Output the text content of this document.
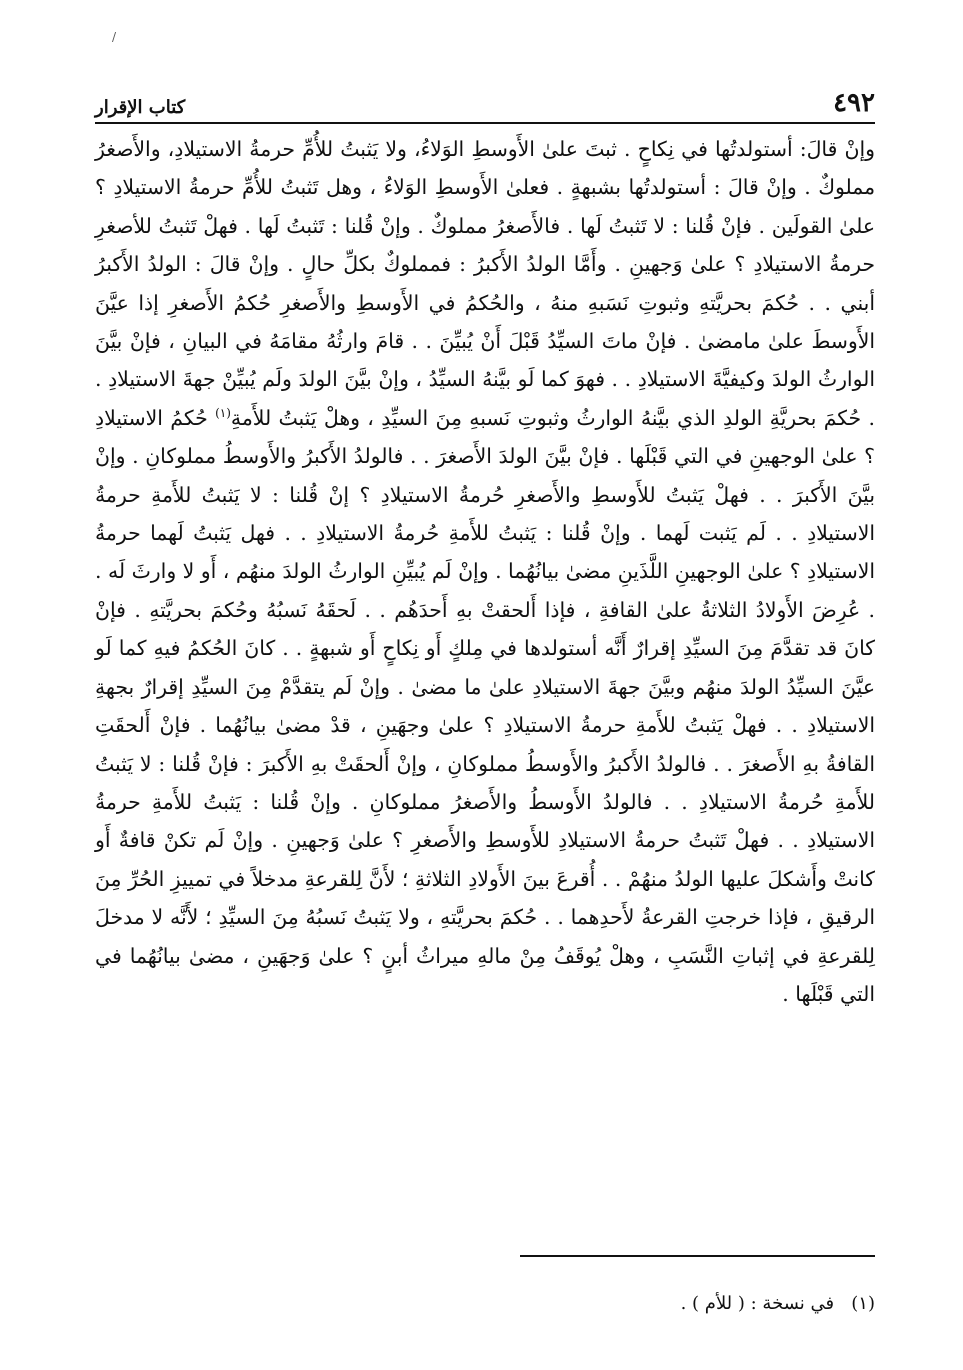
/
٤٩٢
كتاب الإقرار

وإنْ قالَ: أستولدتُها في نِكاحٍ . ثبتَ علىٰ الأَوسطِ الوَلاءُ، ولا يَثبتُ للأُمِّ حرمةُ الاستيلادِ، والأَصغرُ مملوكٌ . وإنْ قالَ : أستولدتُها بشبهةٍ . فعلىٰ الأَوسطِ الوَلاءُ ، وهل تَثبتُ للأُمِّ حرمةُ الاستيلادِ ؟ علىٰ القولَين . فإنْ قُلنا : لا تَثبتُ لَها . فالأَصغرُ مملوكٌ . وإنْ قُلنا : تَثبتُ لَها . فهلْ تَثبتُ للأصغرِ حرمةُ الاستيلادِ ؟ علىٰ وَجهينِ . وأَمَّا الولدُ الأَكبرُ : فمملوكٌ بكلِّ حالٍ . وإنْ قالَ : الولدُ الأَكبرُ أبني . . حُكمَ بحريَّتهِ وثبوتِ نَسَبهِ منهُ ، والحُكمُ في الأَوسطِ والأَصغرِ حُكمُ الأَصغرِ إذا عيَّنَ الأَوسطَ علىٰ مامضىٰ . فإنْ ماتَ السيِّدُ قَبْلَ أَنْ يُبيِّنَ . . قامَ وارثُهُ مقامَهُ في البيانِ ، فإنْ بيَّنَ الوارثُ الولدَ وكيفيَّةَ الاستيلادِ . . فهوَ كما لَو بيَّنهُ السيِّدُ ، وإنْ بيَّنَ الولدَ ولَم يُبيِّنْ جهةَ الاستيلادِ . . حُكمَ بحريَّةِ الولدِ الذي بيَّنهُ الوارثُ وثبوتِ نَسبهِ مِنَ السيِّدِ ، وهلْ يَثبتُ للأَمةِ$^{(١)}$ حُكمُ الاستيلادِ ؟ علىٰ الوجهينِ في التي قَبْلَها . فإنْ بيَّنَ الولدَ الأَصغرَ . . فالولدُ الأَكبرُ والأَوسطُ مملوكانِ . وإنْ بيَّنَ الأَكبرَ . . فهلْ يَثبتُ للأَوسطِ والأَصغرِ حُرمةُ الاستيلادِ ؟ إنْ قُلنا : لا يَثبتُ للأَمةِ حرمةُ الاستيلادِ . . لَم يَثبت لَهما . وإنْ قُلنا : يَثبتُ للأَمةِ حُرمةُ الاستيلادِ . . فهل يَثبتُ لَهما حرمةُ الاستيلادِ ؟ علىٰ الوجهينِ اللَّذَينِ مضىٰ بيانُهُما . وإنْ لَم يُبيِّنِ الوارثُ الولدَ منهُم ، أَو لا وارثَ لَه . . عُرِضَ الأَولادُ الثلاثةُ علىٰ القافةِ ، فإذا أَلحقتْ بهِ أَحدَهُم . . لَحقَهُ نَسبُهُ وحُكمَ بحريَّتهِ . فإنْ كانَ قد تقدَّمَ مِنَ السيِّدِ إقرارٌ أَنَّه أستولدها في مِلكٍ أَو نِكاحٍ أَو شبهةٍ . . كانَ الحُكمُ فيهِ كما لَو عيَّنَ السيِّدُ الولدَ منهُم وبيَّنَ جهةَ الاستيلادِ علىٰ ما مضىٰ . وإنْ لَم يتقدَّمْ مِنَ السيِّدِ إقرارٌ بجهةِ الاستيلادِ . . فهلْ يَثبتُ للأَمةِ حرمةُ الاستيلادِ ؟ علىٰ وجهَينِ ، قدْ مضىٰ بيانُهُما . فإنْ أَلحقَتِ القافةُ بهِ الأَصغرَ . . فالولدُ الأَكبرُ والأَوسطُ مملوكانِ ، وإنْ أَلحقَتْ بهِ الأَكبرَ : فإنْ قُلنا : لا يَثبتُ للأَمةِ حُرمةُ الاستيلادِ . . فالولدُ الأَوسطُ والأَصغرُ مملوكانِ . وإنْ قُلنا : يَثبتُ للأَمةِ حرمةُ الاستيلادِ . . فهلْ تَثبتُ حرمةُ الاستيلادِ للأَوسطِ والأَصغرِ ؟ علىٰ وَجهينِ . وإنْ لَم تكنْ قافةٌ أَو كانتْ وأَشكلَ عليها الولدُ منهُمْ . . أُقرعَ بينَ الأَولادِ الثلاثةِ ؛ لأَنَّ لِلقرعةِ مدخلاً في تمييزِ الحُرِّ مِنَ الرقيقِ ، فإذا خرجتِ القرعةُ لأَحدِهما . . حُكمَ بحريَّتهِ ، ولا يَثبتُ نَسبُهُ مِنَ السيِّدِ ؛ لأَنَّه لا مدخلَ لِلقرعةِ في إثباتِ النَّسَبِ ، وهلْ يُوقَفُ مِنْ مالهِ ميراثُ أبنٍ ؟ علىٰ وَجهَينِ ، مضىٰ بيانُهُما في التي قَبْلَها .

(١)   في نسخة : ( للأم ) .
